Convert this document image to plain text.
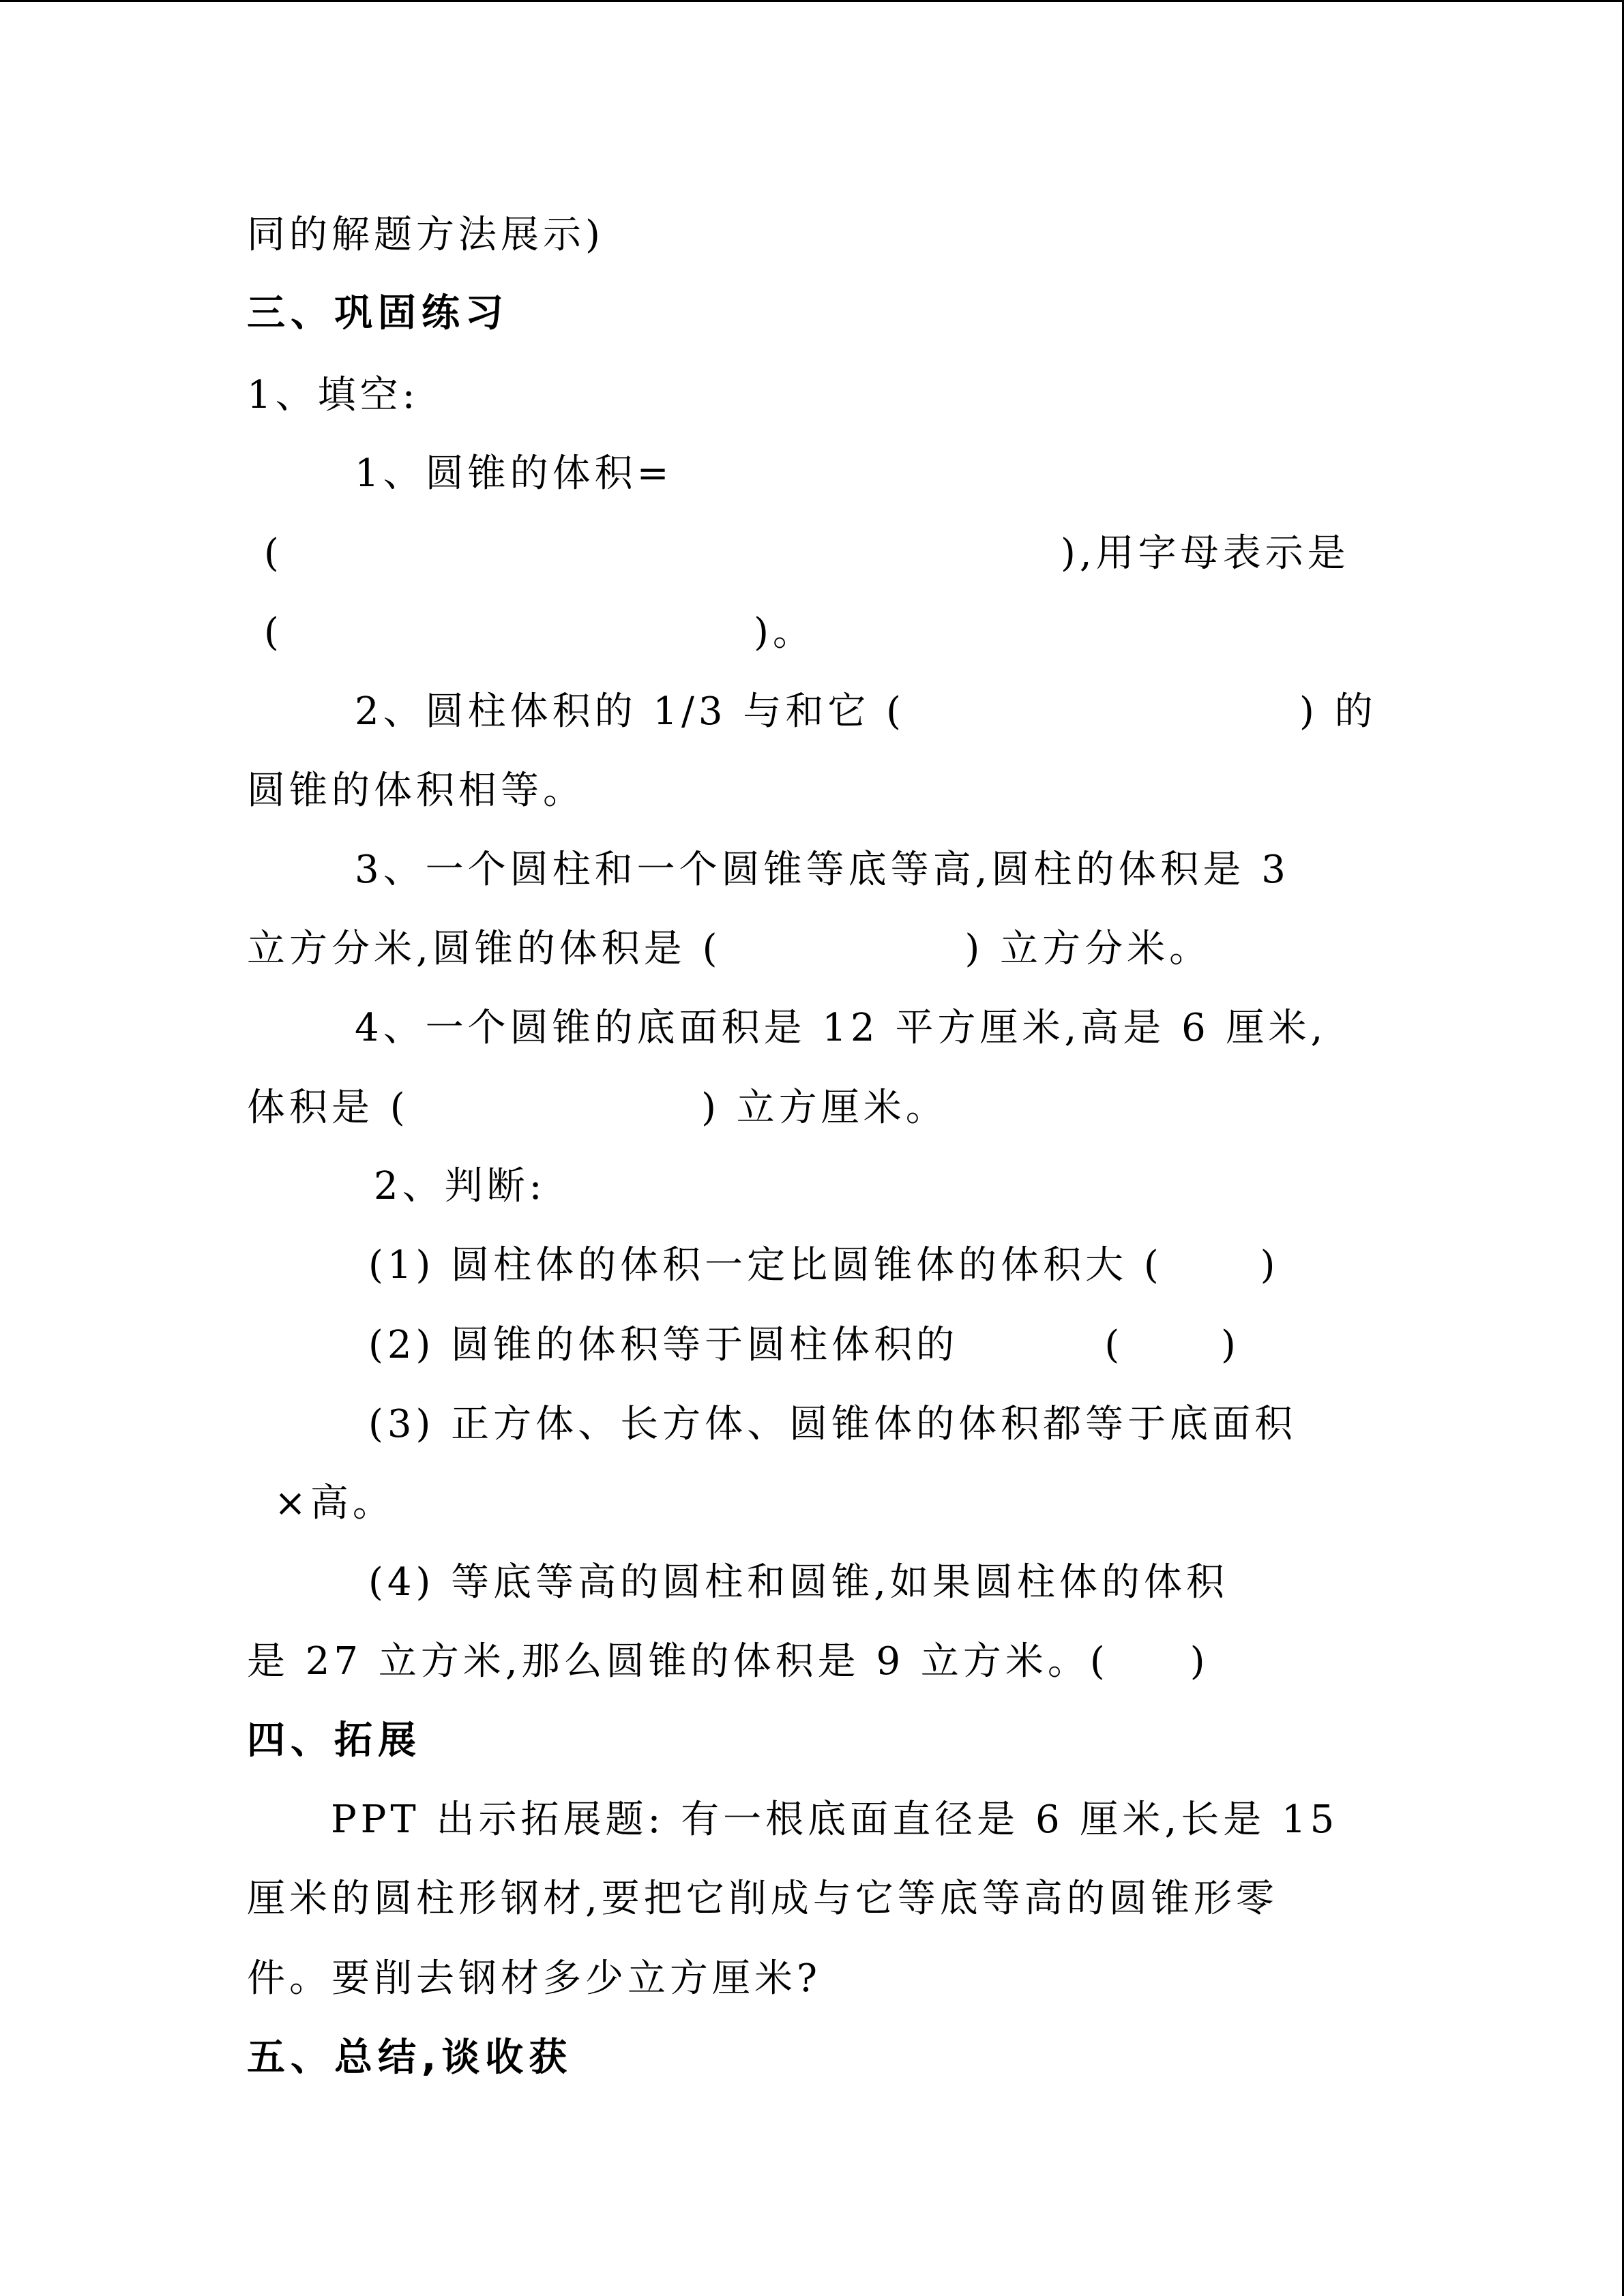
同的解题方法展示)
三、巩固练习
1、填空:
1、圆锥的体积=
(	),用字母表示是
(                             )。
2、圆柱体积的 1/3 与和它 (	) 的
圆锥的体积相等。
3、一个圆柱和一个圆锥等底等高,圆柱的体积是 3
立方分米,圆锥的体积是 (               ) 立方分米。
4、一个圆锥的底面积是 12 平方厘米,高是 6 厘米,
体积是 (                  ) 立方厘米。
2、判断:
(1) 圆柱体的体积一定比圆锥体的体积大 (      )
(2) 圆锥的体积等于圆柱体积的         (      )
(3) 正方体、长方体、圆锥体的体积都等于底面积
×高。
(4) 等底等高的圆柱和圆锥,如果圆柱体的体积
是 27 立方米,那么圆锥的体积是 9 立方米。(     )
四、拓展
PPT 出示拓展题: 有一根底面直径是 6 厘米,长是 15
厘米的圆柱形钢材,要把它削成与它等底等高的圆锥形零
件。要削去钢材多少立方厘米?
五、总结,谈收获
